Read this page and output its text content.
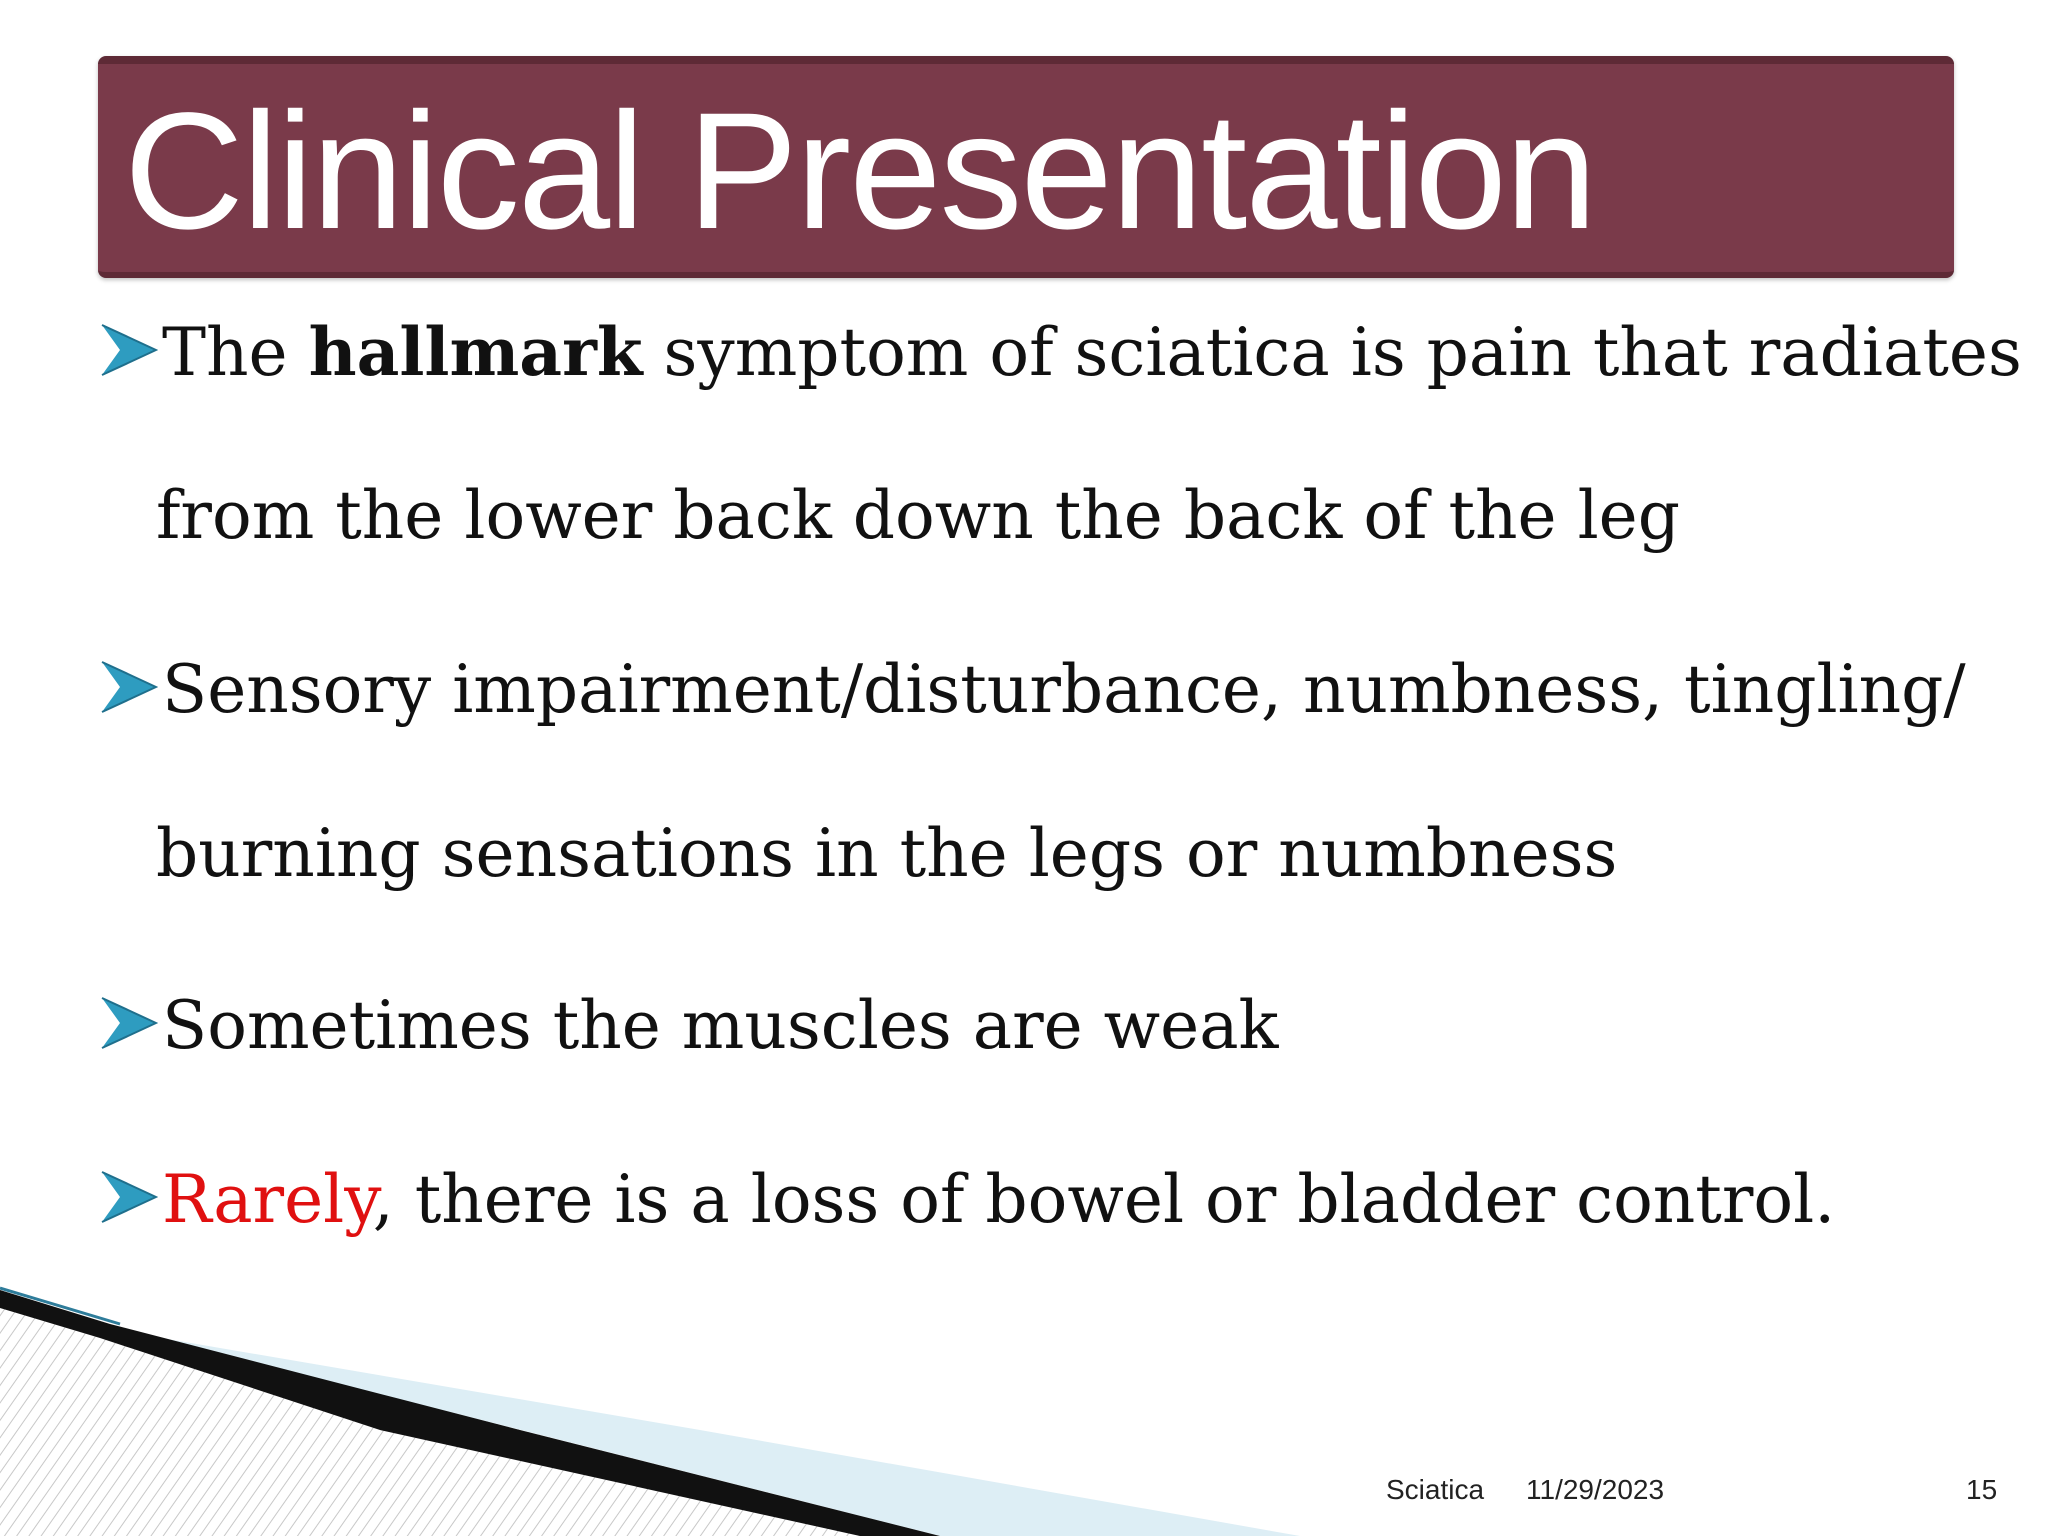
Clinical Presentation
The hallmark symptom of sciatica is pain that radiates
from the lower back down the back of the leg
Sensory impairment/disturbance, numbness, tingling/
burning sensations in the legs or numbness
Sometimes the muscles are weak
Rarely, there is a loss of bowel or bladder control.
Sciatica 11/29/2023	15
